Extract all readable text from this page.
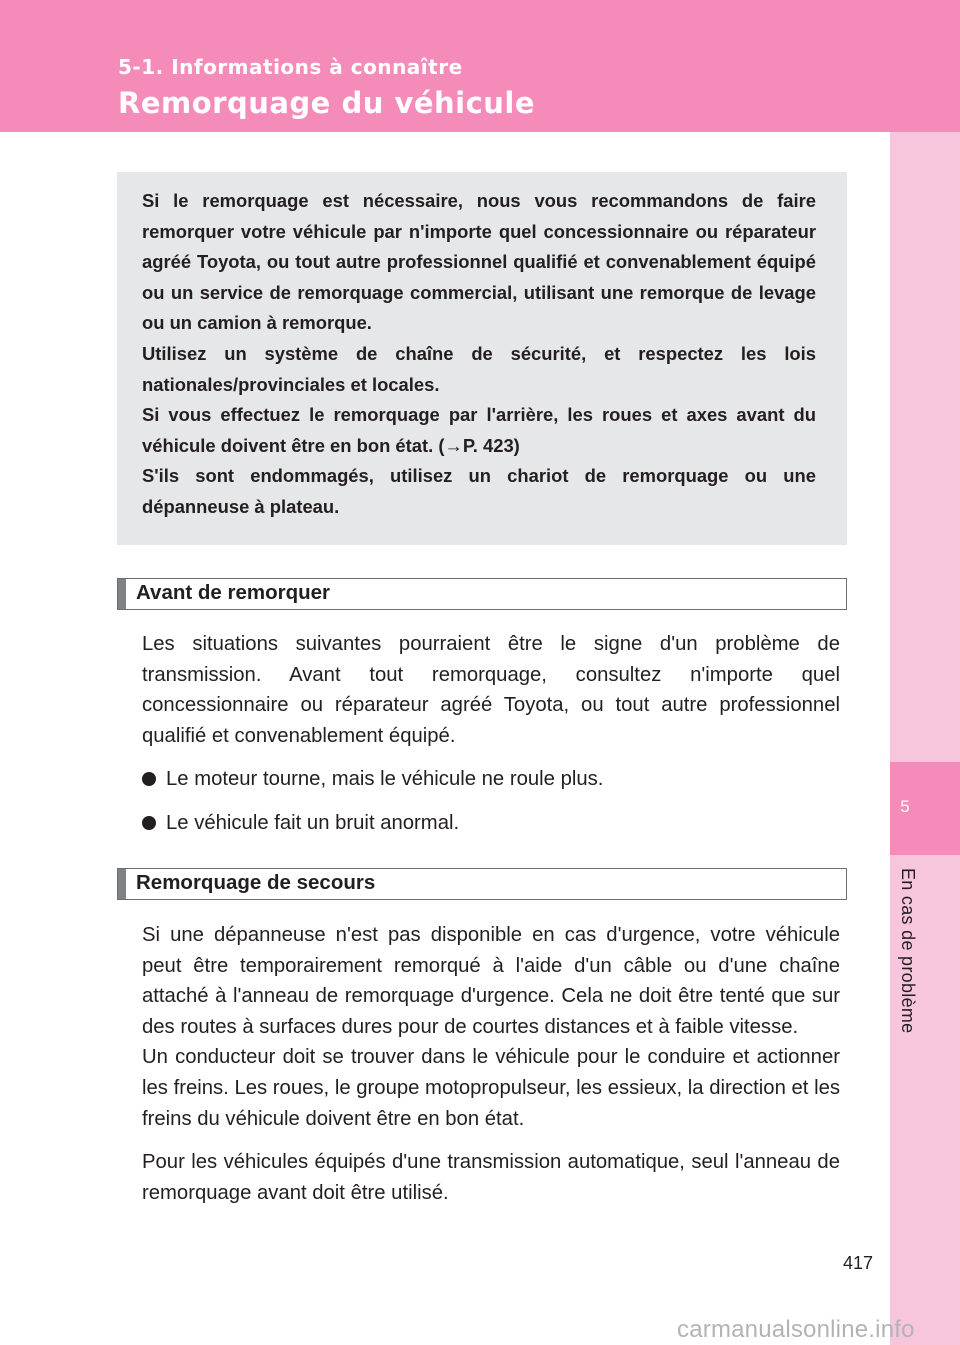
5-1. Informations à connaître
Remorquage du véhicule
5
En cas de problème

Si le remorquage est nécessaire, nous vous recommandons de faire remorquer votre véhicule par n'importe quel concessionnaire ou réparateur agréé Toyota, ou tout autre professionnel qualifié et convenablement équipé ou un service de remorquage commercial, utilisant une remorque de levage ou un camion à remorque.

Utilisez un système de chaîne de sécurité, et respectez les lois nationales/provinciales et locales.

Si vous effectuez le remorquage par l'arrière, les roues et axes avant du véhicule doivent être en bon état. (→P. 423)

S'ils sont endommagés, utilisez un chariot de remorquage ou une dépanneuse à plateau.

Avant de remorquer

Les situations suivantes pourraient être le signe d'un problème de transmission. Avant tout remorquage, consultez n'importe quel concessionnaire ou réparateur agréé Toyota, ou tout autre professionnel qualifié et convenablement équipé.

Le moteur tourne, mais le véhicule ne roule plus.
Le véhicule fait un bruit anormal.
Remorquage de secours

Si une dépanneuse n'est pas disponible en cas d'urgence, votre véhicule peut être temporairement remorqué à l'aide d'un câble ou d'une chaîne attaché à l'anneau de remorquage d'urgence. Cela ne doit être tenté que sur des routes à surfaces dures pour de courtes distances et à faible vitesse.

Un conducteur doit se trouver dans le véhicule pour le conduire et actionner les freins. Les roues, le groupe motopropulseur, les essieux, la direction et les freins du véhicule doivent être en bon état.

Pour les véhicules équipés d'une transmission automatique, seul l'anneau de remorquage avant doit être utilisé.

417
carmanualsonline.info
